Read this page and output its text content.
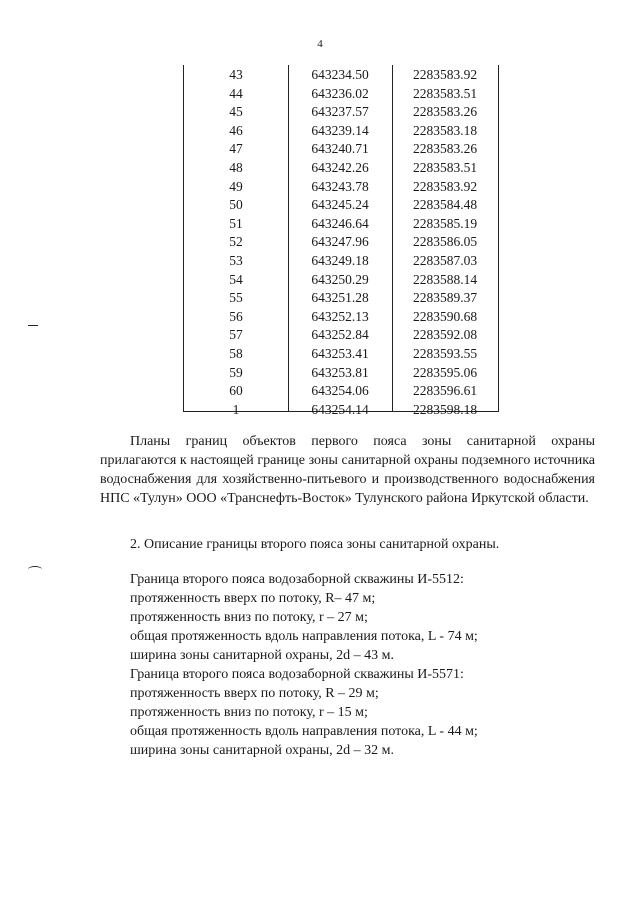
4
43	643234.50	2283583.92
44	643236.02	2283583.51
45	643237.57	2283583.26
46	643239.14	2283583.18
47	643240.71	2283583.26
48	643242.26	2283583.51
49	643243.78	2283583.92
50	643245.24	2283584.48
51	643246.64	2283585.19
52	643247.96	2283586.05
53	643249.18	2283587.03
54	643250.29	2283588.14
55	643251.28	2283589.37
56	643252.13	2283590.68
57	643252.84	2283592.08
58	643253.41	2283593.55
59	643253.81	2283595.06
60	643254.06	2283596.61
1	643254.14	2283598.18
Планы границ объектов первого пояса зоны санитарной охраны
прилагаются к настоящей границе зоны санитарной охраны подземного источника водоснабжения для хозяйственно-питьевого и производственного водоснабжения НПС «Тулун» ООО «Транснефть-Восток» Тулунского района Иркутской области.
2. Описание границы второго пояса зоны санитарной охраны.
Граница второго пояса водозаборной скважины И-5512:
протяженность вверх по потоку, R– 47 м;
протяженность вниз по потоку, r – 27 м;
общая протяженность вдоль направления потока, L - 74 м;
ширина зоны санитарной охраны, 2d – 43 м.
Граница второго пояса водозаборной скважины И-5571:
протяженность вверх по потоку, R – 29 м;
протяженность вниз по потоку, r – 15 м;
общая протяженность вдоль направления потока, L - 44 м;
ширина зоны санитарной охраны, 2d – 32 м.
